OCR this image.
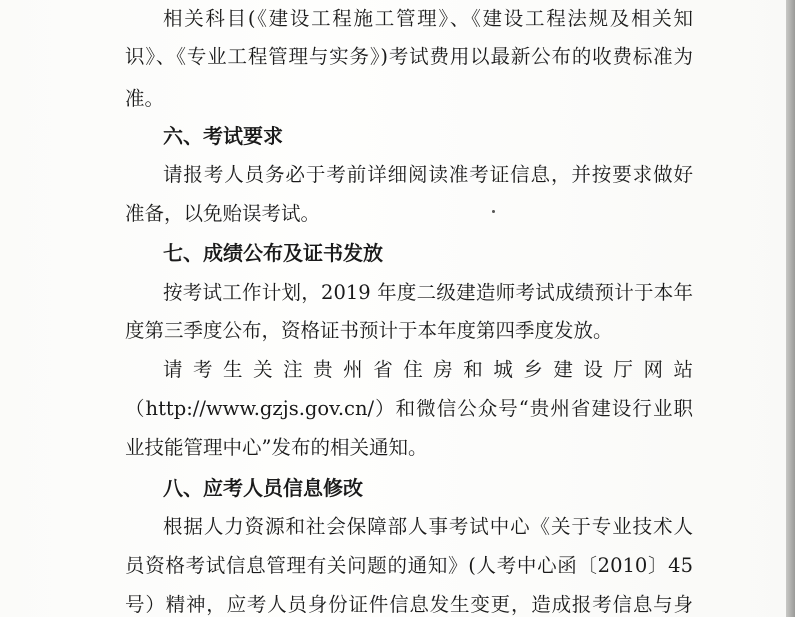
相关科目(《建设工程施工管理》、《建设工程法规及相关知
识》、《专业工程管理与实务》)考试费用以最新公布的收费标准为
准。
六、考试要求
请报考人员务必于考前详细阅读准考证信息，并按要求做好
准备，以免贻误考试。
七、成绩公布及证书发放
按考试工作计划，2019 年度二级建造师考试成绩预计于本年
度第三季度公布，资格证书预计于本年度第四季度发放。
请考生关注贵州省住房和城乡建设厅网站
（http://www.gzjs.gov.cn/）和微信公众号“贵州省建设行业职
业技能管理中心”发布的相关通知。
八、应考人员信息修改
根据人力资源和社会保障部人事考试中心《关于专业技术人
员资格考试信息管理有关问题的通知》(人考中心函〔2010〕45
号）精神，应考人员身份证件信息发生变更，造成报考信息与身
